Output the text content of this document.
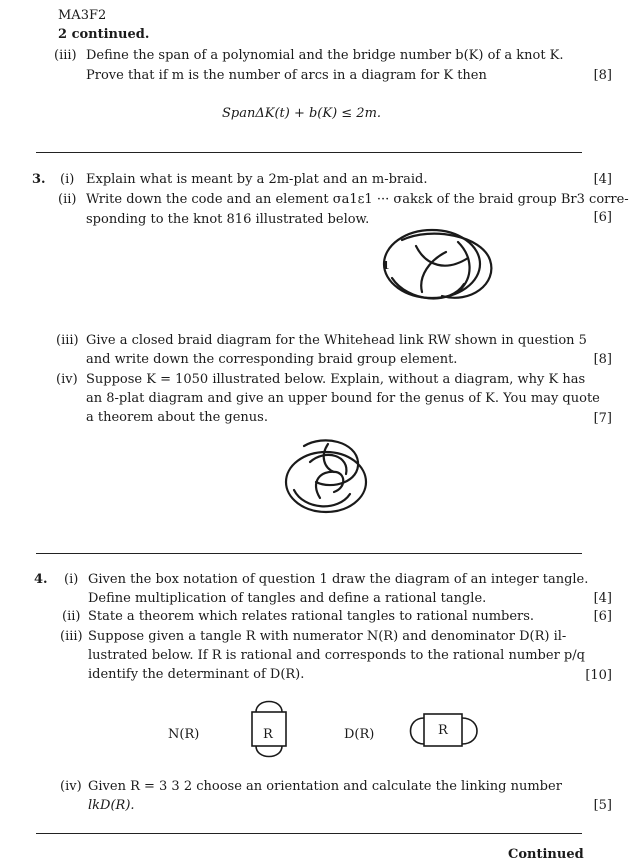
MA3F2
2 continued.
(iii) Define the span of a polynomial and the bridge number b(K) of a knot K.
Prove that if m is the number of arcs in a diagram for K then	[8]
SpanΔK(t) + b(K) ≤ 2m.
3. (i) Explain what is meant by a 2m-plat and an m-braid.	[4]
(ii) Write down the code and an element σa1ε1 ··· σakεk of the braid group Br3 corre-
sponding to the knot 816 illustrated below.	[6]
1
(iii) Give a closed braid diagram for the Whitehead link RW shown in question 5
and write down the corresponding braid group element.	[8]
(iv) Suppose K = 1050 illustrated below. Explain, without a diagram, why K has
an 8-plat diagram and give an upper bound for the genus of K. You may quote
a theorem about the genus.	[7]
4. (i) Given the box notation of question 1 draw the diagram of an integer tangle.
Define multiplication of tangles and define a rational tangle.	[4]
(ii) State a theorem which relates rational tangles to rational numbers.	[6]
(iii) Suppose given a tangle R with numerator N(R) and denominator D(R) il-
lustrated below. If R is rational and corresponds to the rational number p/q
identify the determinant of D(R).	[10]
N(R)	R	D(R)	R
(iv) Given R = 3 3 2 choose an orientation and calculate the linking number
lkD(R).	[5]
Continued
